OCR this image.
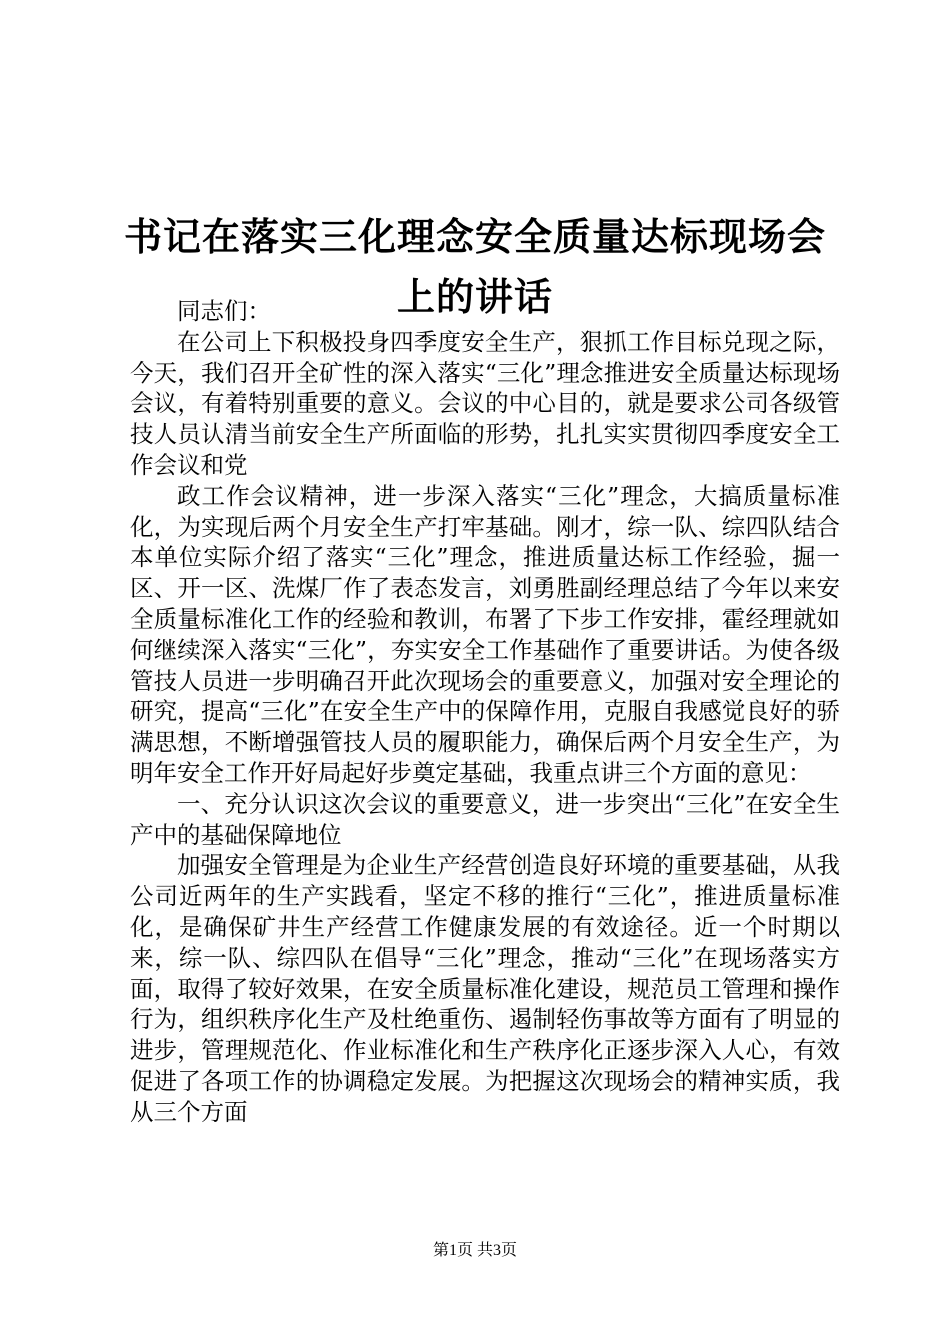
书记在落实三化理念安全质量达标现场会上的讲话

同志们：

在公司上下积极投身四季度安全生产，狠抓工作目标兑现之际，今天，我们召开全矿性的深入落实“三化”理念推进安全质量达标现场会议，有着特别重要的意义。会议的中心目的，就是要求公司各级管技人员认清当前安全生产所面临的形势，扎扎实实贯彻四季度安全工作会议和党

政工作会议精神，进一步深入落实“三化”理念，大搞质量标准化，为实现后两个月安全生产打牢基础。刚才，综一队、综四队结合本单位实际介绍了落实“三化”理念，推进质量达标工作经验，掘一区、开一区、洗煤厂作了表态发言，刘勇胜副经理总结了今年以来安全质量标准化工作的经验和教训，布署了下步工作安排，霍经理就如何继续深入落实“三化”，夯实安全工作基础作了重要讲话。为使各级管技人员进一步明确召开此次现场会的重要意义，加强对安全理论的研究，提高“三化”在安全生产中的保障作用，克服自我感觉良好的骄满思想，不断增强管技人员的履职能力，确保后两个月安全生产，为明年安全工作开好局起好步奠定基础，我重点讲三个方面的意见：

一、充分认识这次会议的重要意义，进一步突出“三化”在安全生产中的基础保障地位

加强安全管理是为企业生产经营创造良好环境的重要基础，从我公司近两年的生产实践看，坚定不移的推行“三化”，推进质量标准化，是确保矿井生产经营工作健康发展的有效途径。近一个时期以来，综一队、综四队在倡导“三化”理念，推动“三化”在现场落实方面，取得了较好效果，在安全质量标准化建设，规范员工管理和操作行为，组织秩序化生产及杜绝重伤、遏制轻伤事故等方面有了明显的进步，管理规范化、作业标准化和生产秩序化正逐步深入人心，有效促进了各项工作的协调稳定发展。为把握这次现场会的精神实质，我从三个方面

第1页 共3页
